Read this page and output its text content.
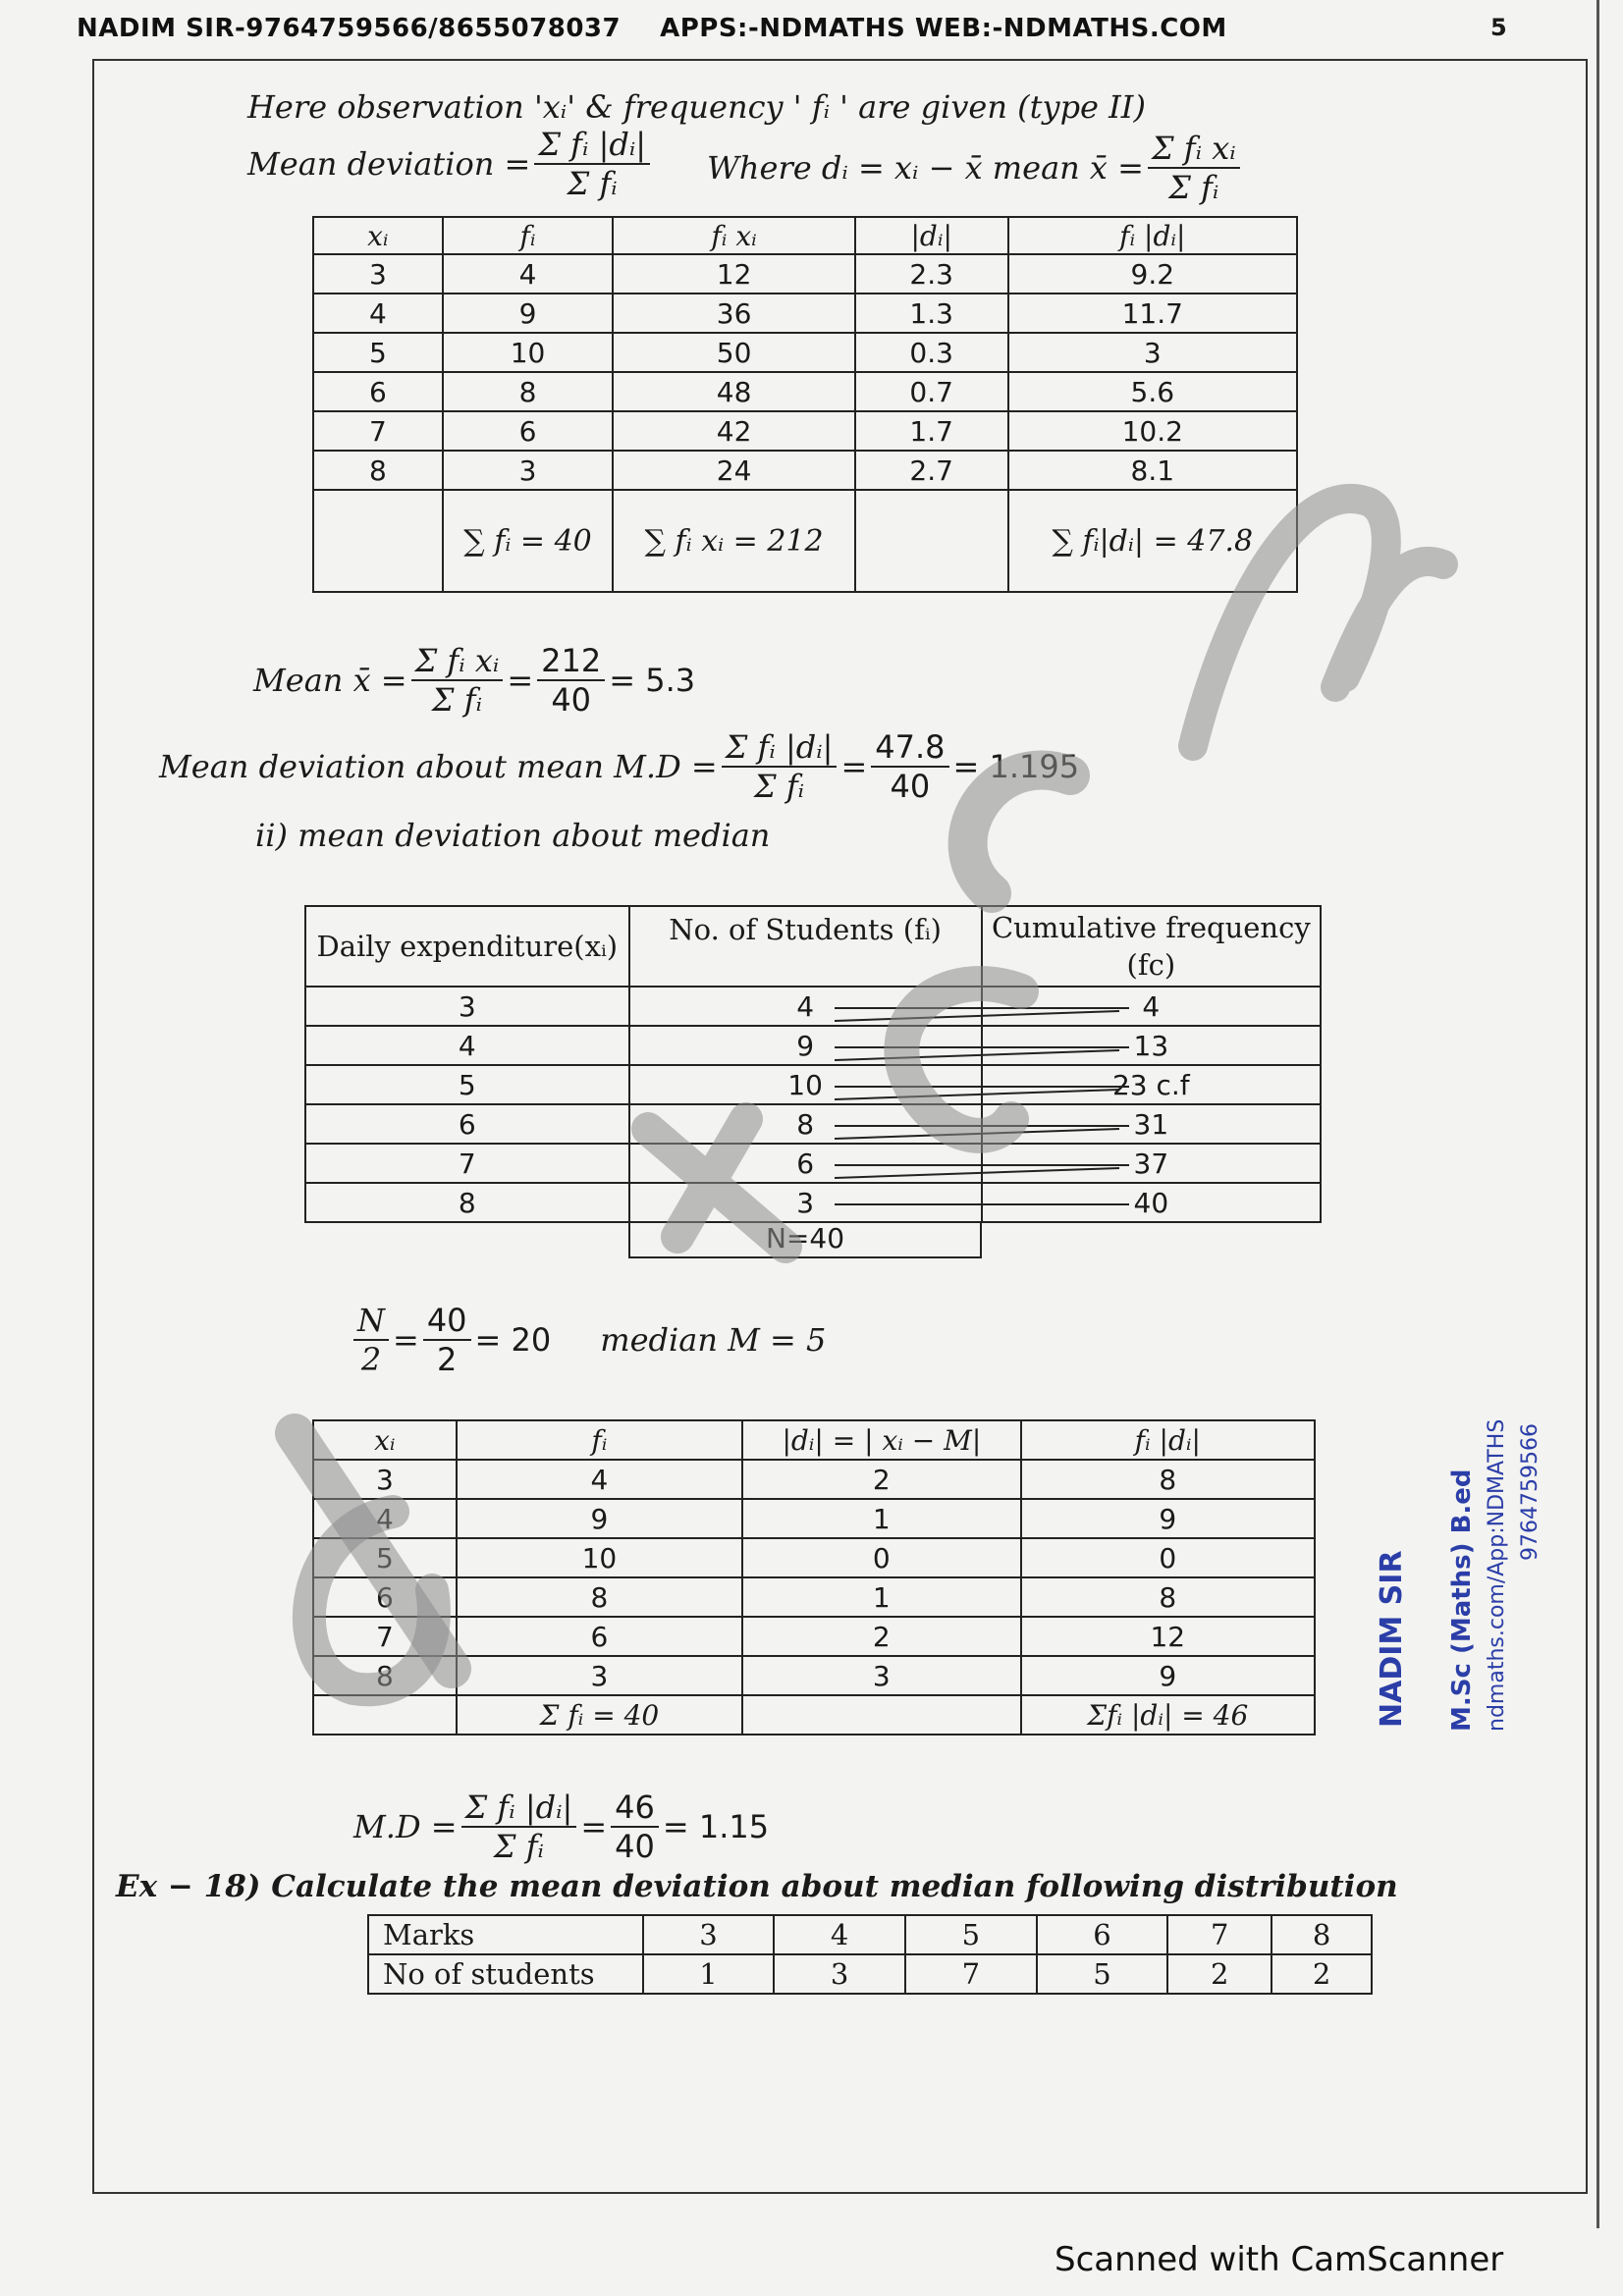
NADIM SIR-9764759566/8655078037 APPS:-NDMATHS WEB:-NDMATHS.COM	5
Here observation 'xᵢ' & frequency ' fᵢ ' are given (type II)
Mean deviation = $\frac{\text{Σ fᵢ |dᵢ|}}{\text{Σ fᵢ}}$ Where dᵢ = xᵢ − x̄ mean x̄ = $\frac{\text{Σ fᵢ xᵢ}}{\text{Σ fᵢ}}$
xᵢ	fᵢ	fᵢ xᵢ	|dᵢ|	fᵢ |dᵢ|
3	4	12	2.3	9.2
4	9	36	1.3	11.7
5	10	50	0.3	3
6	8	48	0.7	5.6
7	6	42	1.7	10.2
8	3	24	2.7	8.1
	∑ fᵢ = 40	∑ fᵢ xᵢ = 212		∑ fᵢ|dᵢ| = 47.8
Mean x̄ = $\frac{\text{Σ fᵢ xᵢ}}{\text{Σ fᵢ}} = \frac{212}{40} = 5.3$
Mean deviation about mean $M.D = \frac{\text{Σ fᵢ |dᵢ|}}{\text{Σ fᵢ}} = \frac{47.8}{40} = 1.195$
ii) mean deviation about median
Daily expenditure(xᵢ)	No. of Students (fᵢ)	Cumulative frequency (fc)
3	4	4
4	9	13
5	10	23 c.f
6	8	31
7	6	37
8	3	40
N=40
$\frac{N}{2} = \frac{40}{2} = 20$ median M = 5
xᵢ	fᵢ	|dᵢ| = | xᵢ − M|	fᵢ |dᵢ|
3	4	2	8
4	9	1	9
5	10	0	0
6	8	1	8
7	6	2	12
8	3	3	9
	Σ fᵢ = 40		Σfᵢ |dᵢ| = 46
$M.D = \frac{\text{Σ fᵢ |dᵢ|}}{\text{Σ fᵢ}} = \frac{46}{40} = 1.15$
Ex − 18) Calculate the mean deviation about median following distribution
Marks	3	4	5	6	7	8
No of students	1	3	7	5	2	2
NADIM SIR M.Sc (Maths) B.ed ndmaths.com/App:NDMATHS 9764759566
Scanned with CamScanner
